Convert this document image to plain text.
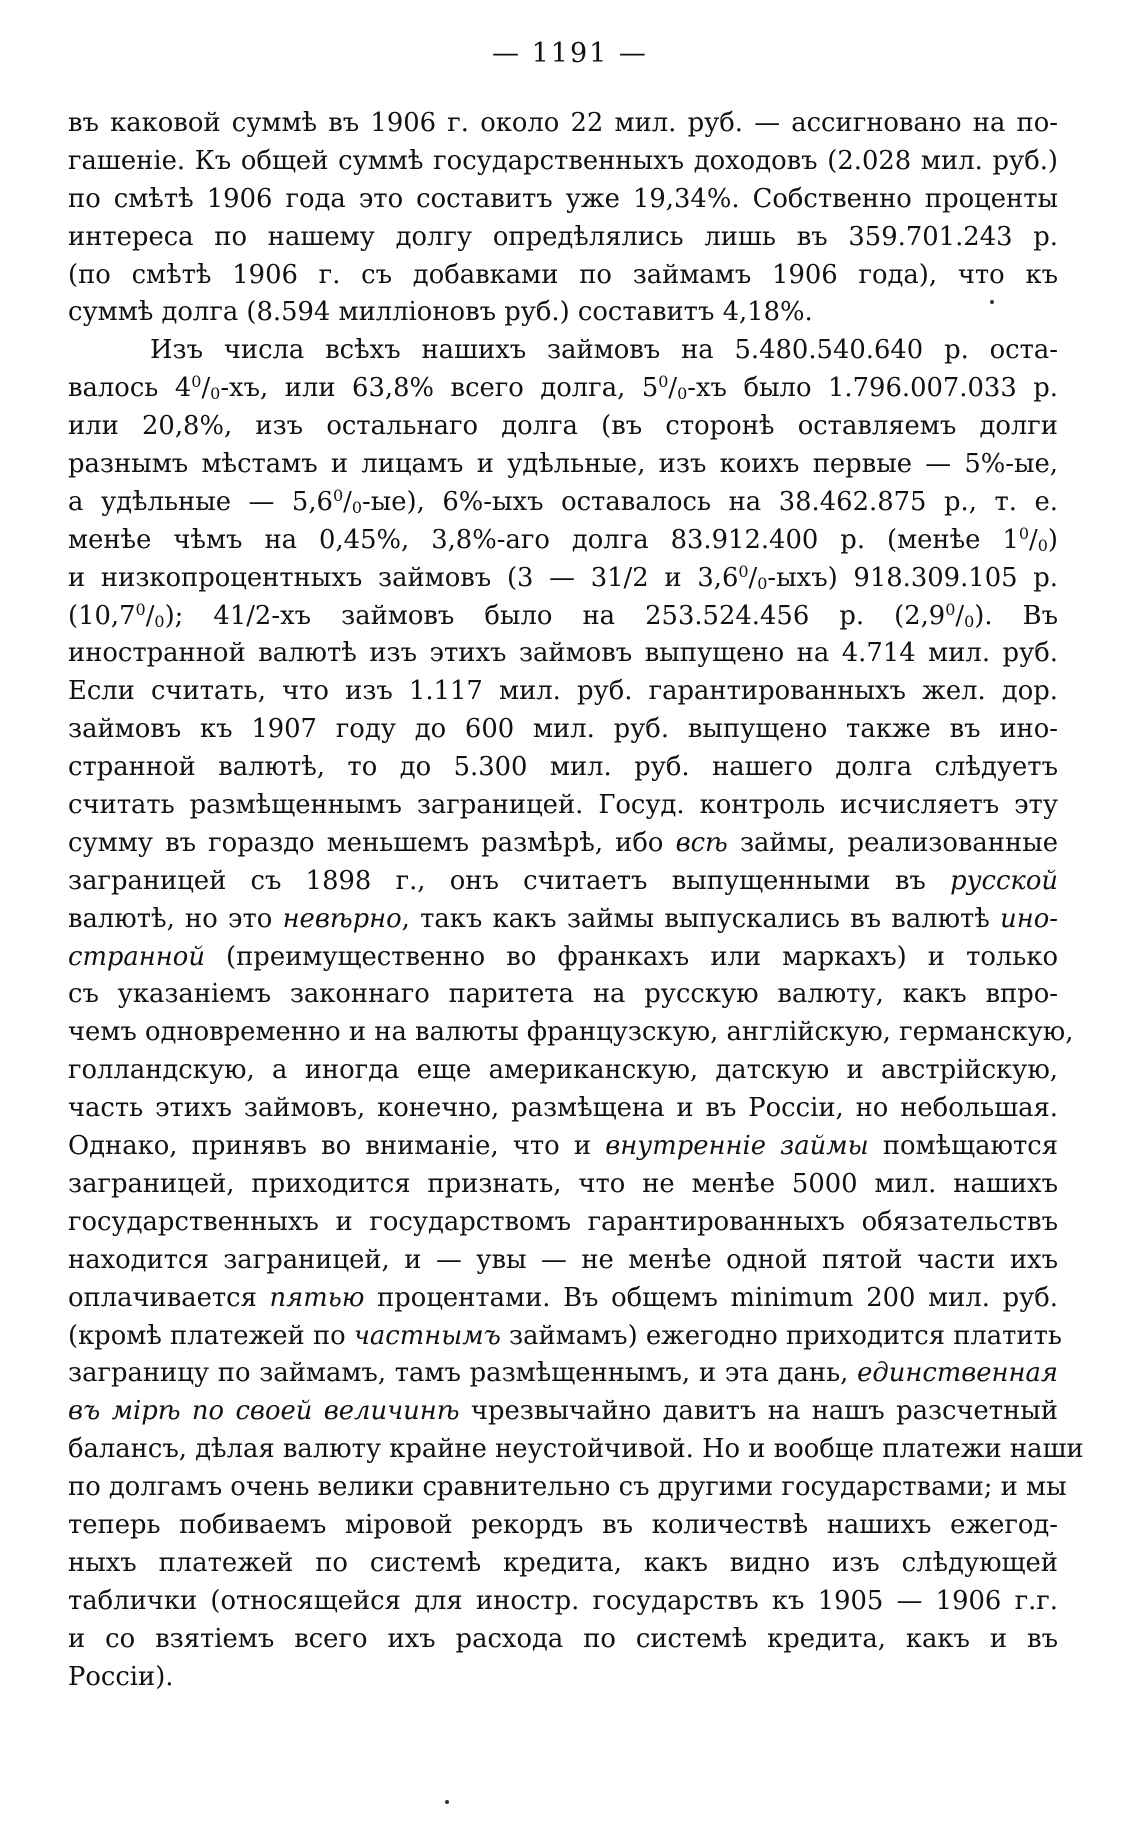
— 1191 —
въ каковой суммѣ въ 1906 г. около 22 мил. руб. — ассигновано на по-
гашеніе. Къ общей суммѣ государственныхъ доходовъ (2.028 мил. руб.)
по смѣтѣ 1906 года это составитъ уже 19,34%. Собственно проценты
интереса по нашему долгу опредѣлялись лишь въ 359.701.243 р.
(по смѣтѣ 1906 г. съ добавками по займамъ 1906 года), что къ
суммѣ долга (8.594 милліоновъ руб.) составитъ 4,18%.
Изъ числа всѣхъ нашихъ займовъ на 5.480.540.640 р. оста-
валось $4^0/_0-хъ$, или 63,8% всего долга, $5^0/_0-хъ$ было 1.796.007.033 р.
или 20,8%, изъ остальнаго долга (въ сторонѣ оставляемъ долги
разнымъ мѣстамъ и лицамъ и удѣльные, изъ коихъ первые — 5%-ые,
а удѣльные — $5,6^0/_0-ые$), 6%-ыхъ оставалось на 38.462.875 р., т. е.
менѣе чѣмъ на 0,45%, 3,8%-аго долга 83.912.400 р. (менѣе $1^0/_0$)
и низкопроцентныхъ займовъ (3 — 31/2 и $3,6^0/_0-ыхъ$) 918.309.105 р.
$(10,7^0/_0)$; 41/2-хъ займовъ было на 253.524.456 р. $(2,9^0/_0)$. Въ
иностранной валютѣ изъ этихъ займовъ выпущено на 4.714 мил. руб.
Если считать, что изъ 1.117 мил. руб. гарантированныхъ жел. дор.
займовъ къ 1907 году до 600 мил. руб. выпущено также въ ино-
странной валютѣ, то до 5.300 мил. руб. нашего долга слѣдуетъ
считать размѣщеннымъ заграницей. Госуд. контроль исчисляетъ эту
сумму въ гораздо меньшемъ размѣрѣ, ибо всѣ займы, реализованные
заграницей съ 1898 г., онъ считаетъ выпущенными въ русской
валютѣ, но это невѣрно, такъ какъ займы выпускались въ валютѣ ино-
странной (преимущественно во франкахъ или маркахъ) и только
съ указаніемъ законнаго паритета на русскую валюту, какъ впро-
чемъ одновременно и на валюты французскую, англійскую, германскую,
голландскую, а иногда еще американскую, датскую и австрійскую,
часть этихъ займовъ, конечно, размѣщена и въ Россіи, но небольшая.
Однако, принявъ во вниманіе, что и внутренніе займы помѣщаются
заграницей, приходится признать, что не менѣе 5000 мил. нашихъ
государственныхъ и государствомъ гарантированныхъ обязательствъ
находится заграницей, и — увы — не менѣе одной пятой части ихъ
оплачивается пятью процентами. Въ общемъ minimum 200 мил. руб.
(кромѣ платежей по частнымъ займамъ) ежегодно приходится платить
заграницу по займамъ, тамъ размѣщеннымъ, и эта дань, единственная
въ мірѣ по своей величинѣ чрезвычайно давитъ на нашъ разсчетный
балансъ, дѣлая валюту крайне неустойчивой. Но и вообще платежи наши
по долгамъ очень велики сравнительно съ другими государствами; и мы
теперь побиваемъ міровой рекордъ въ количествѣ нашихъ ежегод-
ныхъ платежей по системѣ кредита, какъ видно изъ слѣдующей
таблички (относящейся для иностр. государствъ къ 1905 — 1906 г.г.
и со взятіемъ всего ихъ расхода по системѣ кредита, какъ и въ
Россіи).
